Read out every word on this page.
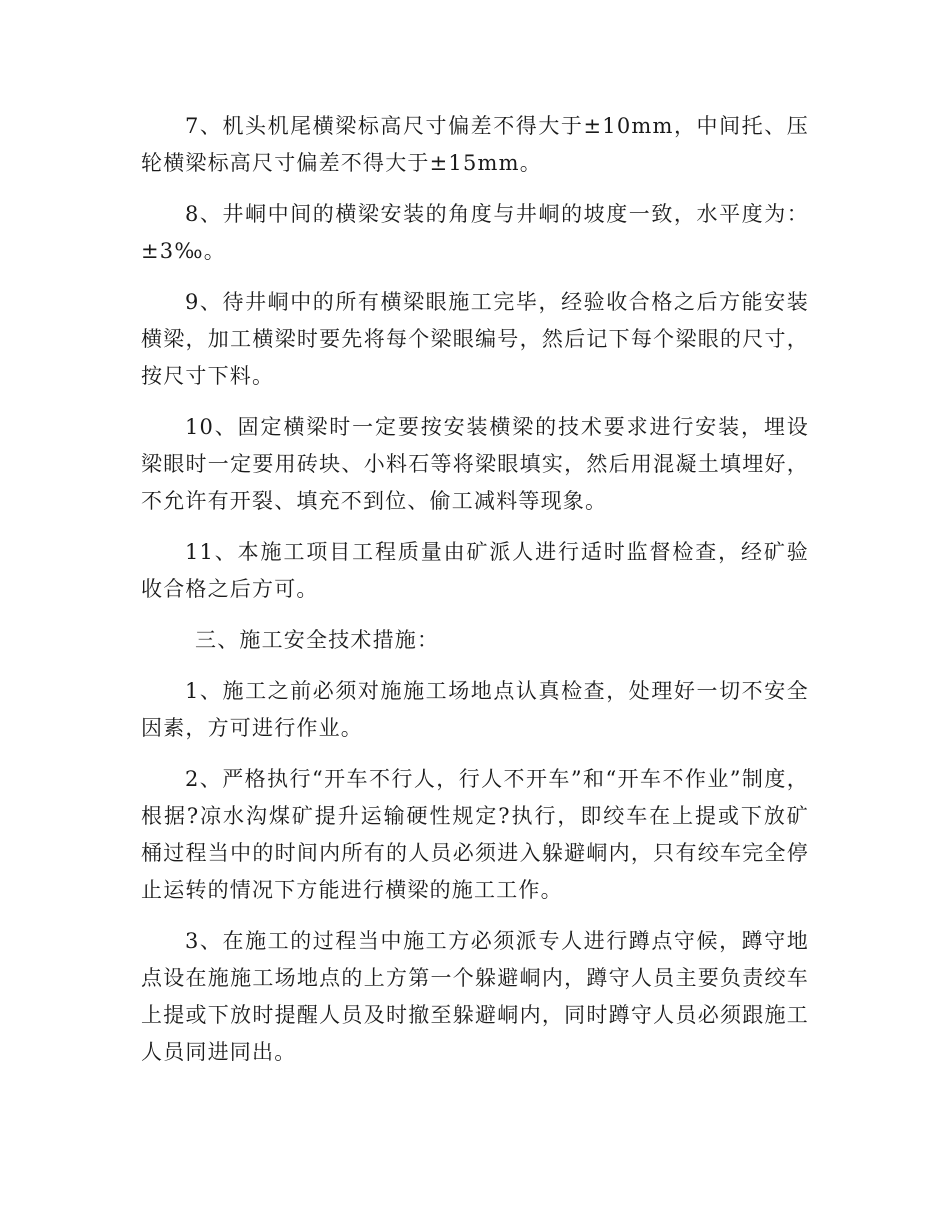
7、机头机尾横梁标高尺寸偏差不得大于±10mm，中间托、压轮横梁标高尺寸偏差不得大于±15mm。

8、井峒中间的横梁安装的角度与井峒的坡度一致，水平度为：±3‰。

9、待井峒中的所有横梁眼施工完毕，经验收合格之后方能安装横梁，加工横梁时要先将每个梁眼编号，然后记下每个梁眼的尺寸，按尺寸下料。

10、固定横梁时一定要按安装横梁的技术要求进行安装，埋设梁眼时一定要用砖块、小料石等将梁眼填实，然后用混凝土填埋好，不允许有开裂、填充不到位、偷工减料等现象。

11、本施工项目工程质量由矿派人进行适时监督检查，经矿验收合格之后方可。

三、施工安全技术措施：

1、施工之前必须对施施工场地点认真检查，处理好一切不安全因素，方可进行作业。

2、严格执行“开车不行人，行人不开车”和“开车不作业”制度，根据?凉水沟煤矿提升运输硬性规定?执行，即绞车在上提或下放矿桶过程当中的时间内所有的人员必须进入躲避峒内，只有绞车完全停止运转的情况下方能进行横梁的施工工作。

3、在施工的过程当中施工方必须派专人进行蹲点守候，蹲守地点设在施施工场地点的上方第一个躲避峒内，蹲守人员主要负责绞车上提或下放时提醒人员及时撤至躲避峒内，同时蹲守人员必须跟施工人员同进同出。
